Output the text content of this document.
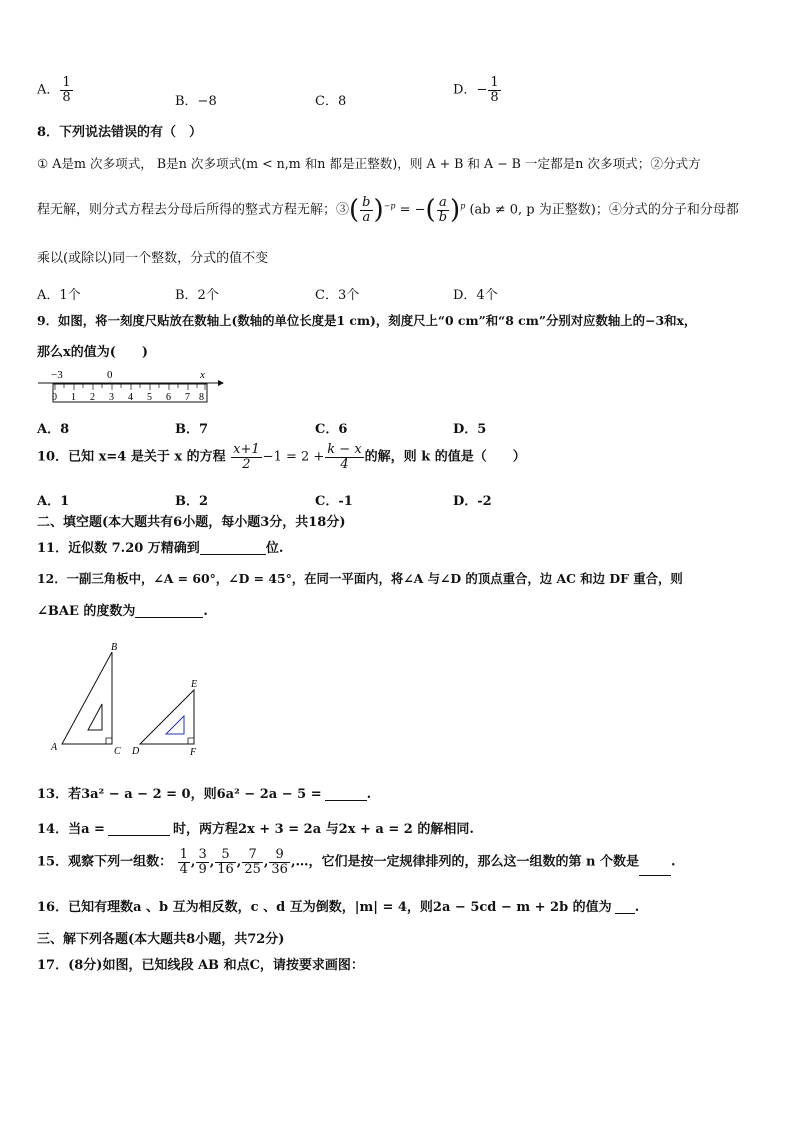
A． $\frac{1}{8}$	B．−8	C．8
D．− $\frac{1}{8}$
8．下列说法错误的有（　）
① A是m 次多项式， B是n 次多项式(m < n,m 和n 都是正整数)，则 A + B 和 A − B 一定都是n 次多项式；②分式方
程无解，则分式方程去分母后所得的整式方程无解；③( $\frac{b}{a} )^{-p}$ = −( $\frac{a}{b} )^p$ (ab ≠ 0, p 为正整数)；④分式的分子和分母都
乘以(或除以)同一个整数，分式的值不变
A．1个	B．2个	C．3个	D．4个
9．如图，将一刻度尺贴放在数轴上(数轴的单位长度是1 cm)，刻度尺上“0 cm”和“8 cm”分别对应数轴上的−3和x，
那么x的值为(　　)
−3	0	x
0 1 2 3 4 5 6 7 8
A．8	B．7	C．6	D．5
10．已知 x=4 是关于 x 的方程 $\frac{x+1}{2} -1 = 2 + \frac{k - x}{4}$ 的解，则 k 的值是（　　）
A．1	B．2	C．-1	D．-2
二、填空题(本大题共有6小题，每小题3分，共18分)
11．近似数 7.20 万精确到	位.
12．一副三角板中，∠A = 60°，∠D = 45°，在同一平面内，将∠A 与∠D 的顶点重合，边 AC 和边 DF 重合，则
∠BAE 的度数为	.
B
A	C D
E
F
13．若3a² − a − 2 = 0，则6a² − 2a − 5 =	.
14．当a =	时，两方程2x + 3 = 2a 与2x + a = 2 的解相同.
15．观察下列一组数： $\frac{1}{4}$ , $\frac{3}{9}$ , $\frac{5}{16}$ , $\frac{7}{25}$ , $\frac{9}{36}$ ,…，它们是按一定规律排列的，那么这一组数的第 n 个数是 .
16．已知有理数a 、b 互为相反数，c 、d 互为倒数，|m| = 4，则2a − 5cd − m + 2b 的值为 .
三、解下列各题(本大题共8小题，共72分)
17．(8分)如图，已知线段 AB 和点C，请按要求画图：
